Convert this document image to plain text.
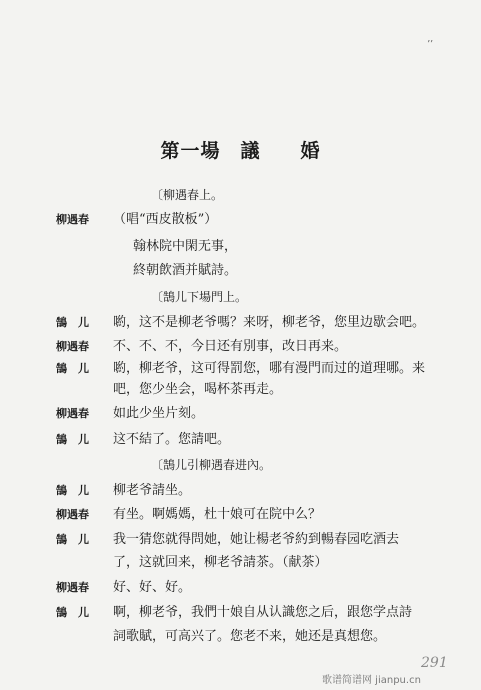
ʼʼ
第一場　議　　婚
〔柳遇春上。
柳遇春	（唱“西皮散板”）
翰林院中閑无事，
終朝飲酒并賦詩。
〔鵠儿下場門上。
鵠　儿	喲，这不是柳老爷嗎？来呀，柳老爷，您里边歇会吧。
柳遇春	不、不、不，今日还有別事，改日再来。
鵠　儿	喲，柳老爷，这可得罰您，哪有漫門而过的道理哪。来
吧，您少坐会，喝杯茶再走。
柳遇春	如此少坐片刻。
鵠　儿	这不結了。您請吧。
〔鵠儿引柳遇春进內。
鵠　儿	柳老爷請坐。
柳遇春	有坐。啊媽媽，杜十娘可在院中么？
鵠　儿	我一猜您就得問她，她让楊老爷約到暢春园吃酒去
了，这就回来，柳老爷請茶。（献茶）
柳遇春	好、好、好。
鵠　儿	啊，柳老爷，我們十娘自从认識您之后，跟您学点詩
詞歌賦，可高兴了。您老不来，她还是真想您。
291
歌谱简谱网 jianpu.cn
